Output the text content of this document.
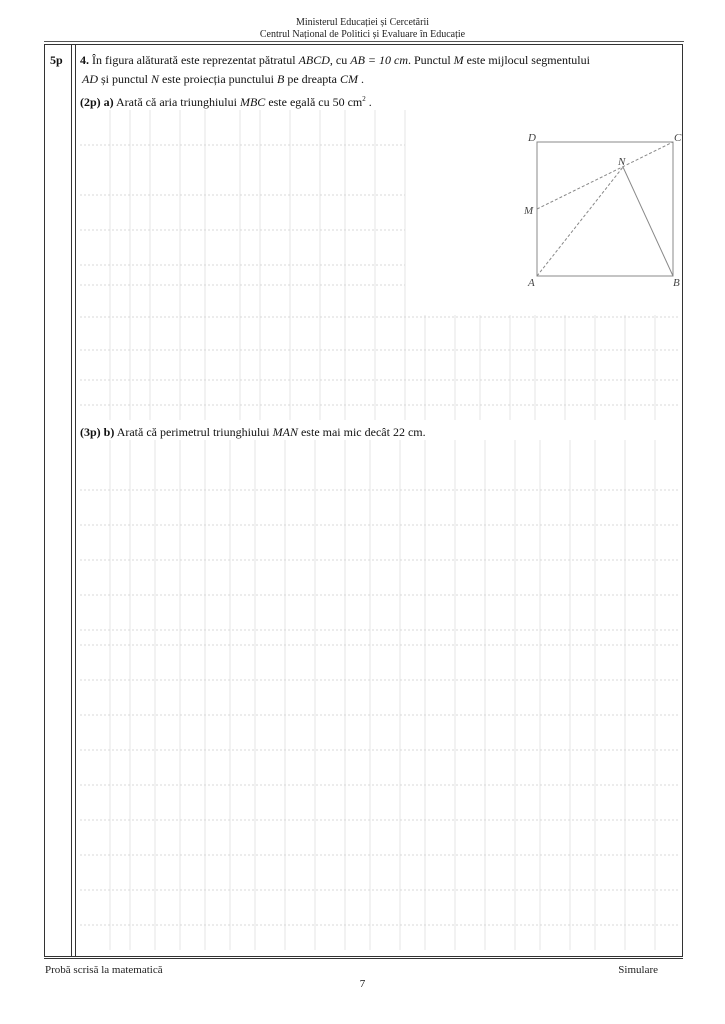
Ministerul Educației și Cercetării
Centrul Național de Politici și Evaluare în Educație
5p 4. În figura alăturată este reprezentat pătratul ABCD, cu AB = 10 cm. Punctul M este mijlocul segmentului
AD și punctul N este proiecția punctului B pe dreapta CM .
(2p) a) Arată că aria triunghiului MBC este egală cu 50 $cm^2$ .
D	C
N
M
A	B
(3p) b) Arată că perimetrul triunghiului MAN este mai mic decât 22 cm.
Probă scrisă la matematică	Simulare
7
